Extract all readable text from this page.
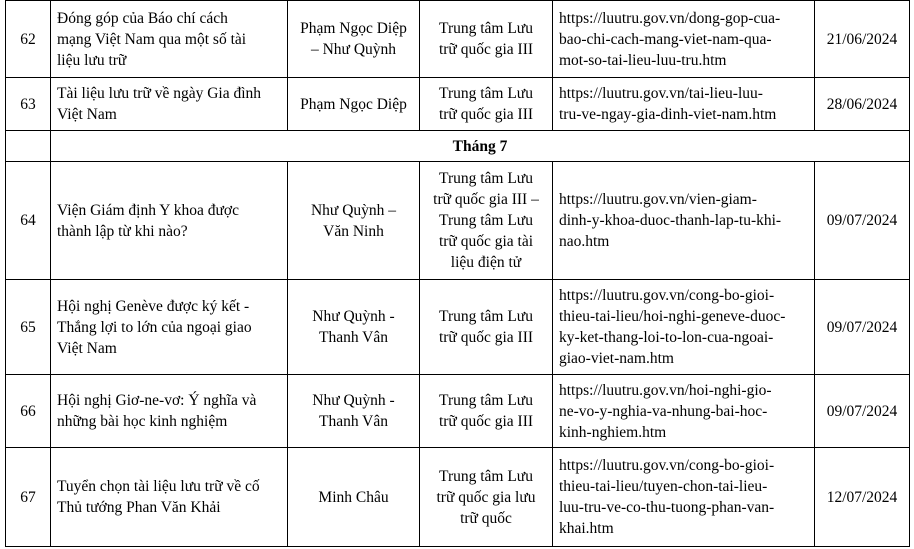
62	Đóng góp của Báo chí cách
mạng Việt Nam qua một số tài
liệu lưu trữ	Phạm Ngọc Diệp
– Như Quỳnh	Trung tâm Lưu
trữ quốc gia III	https://luutru.gov.vn/dong-gop-cua-
bao-chi-cach-mang-viet-nam-qua-
mot-so-tai-lieu-luu-tru.htm	21/06/2024
63	Tài liệu lưu trữ về ngày Gia đình
Việt Nam	Phạm Ngọc Diệp	Trung tâm Lưu
trữ quốc gia III	https://luutru.gov.vn/tai-lieu-luu-
tru-ve-ngay-gia-dinh-viet-nam.htm	28/06/2024
	Tháng 7				
64	Viện Giám định Y khoa được
thành lập từ khi nào?	Như Quỳnh –
Văn Ninh	Trung tâm Lưu
trữ quốc gia III –
Trung tâm Lưu
trữ quốc gia tài
liệu điện tử	https://luutru.gov.vn/vien-giam-
dinh-y-khoa-duoc-thanh-lap-tu-khi-
nao.htm	09/07/2024
65	Hội nghị Genève được ký kết -
Thắng lợi to lớn của ngoại giao
Việt Nam	Như Quỳnh -
Thanh Vân	Trung tâm Lưu
trữ quốc gia III	https://luutru.gov.vn/cong-bo-gioi-
thieu-tai-lieu/hoi-nghi-geneve-duoc-
ky-ket-thang-loi-to-lon-cua-ngoai-
giao-viet-nam.htm	09/07/2024
66	Hội nghị Giơ-ne-vơ: Ý nghĩa và
những bài học kinh nghiệm	Như Quỳnh -
Thanh Vân	Trung tâm Lưu
trữ quốc gia III	https://luutru.gov.vn/hoi-nghi-gio-
ne-vo-y-nghia-va-nhung-bai-hoc-
kinh-nghiem.htm	09/07/2024
67	Tuyển chọn tài liệu lưu trữ về cố
Thủ tướng Phan Văn Khải	Minh Châu	Trung tâm Lưu
trữ quốc gia lưu
trữ quốc	https://luutru.gov.vn/cong-bo-gioi-
thieu-tai-lieu/tuyen-chon-tai-lieu-
luu-tru-ve-co-thu-tuong-phan-van-
khai.htm	12/07/2024
